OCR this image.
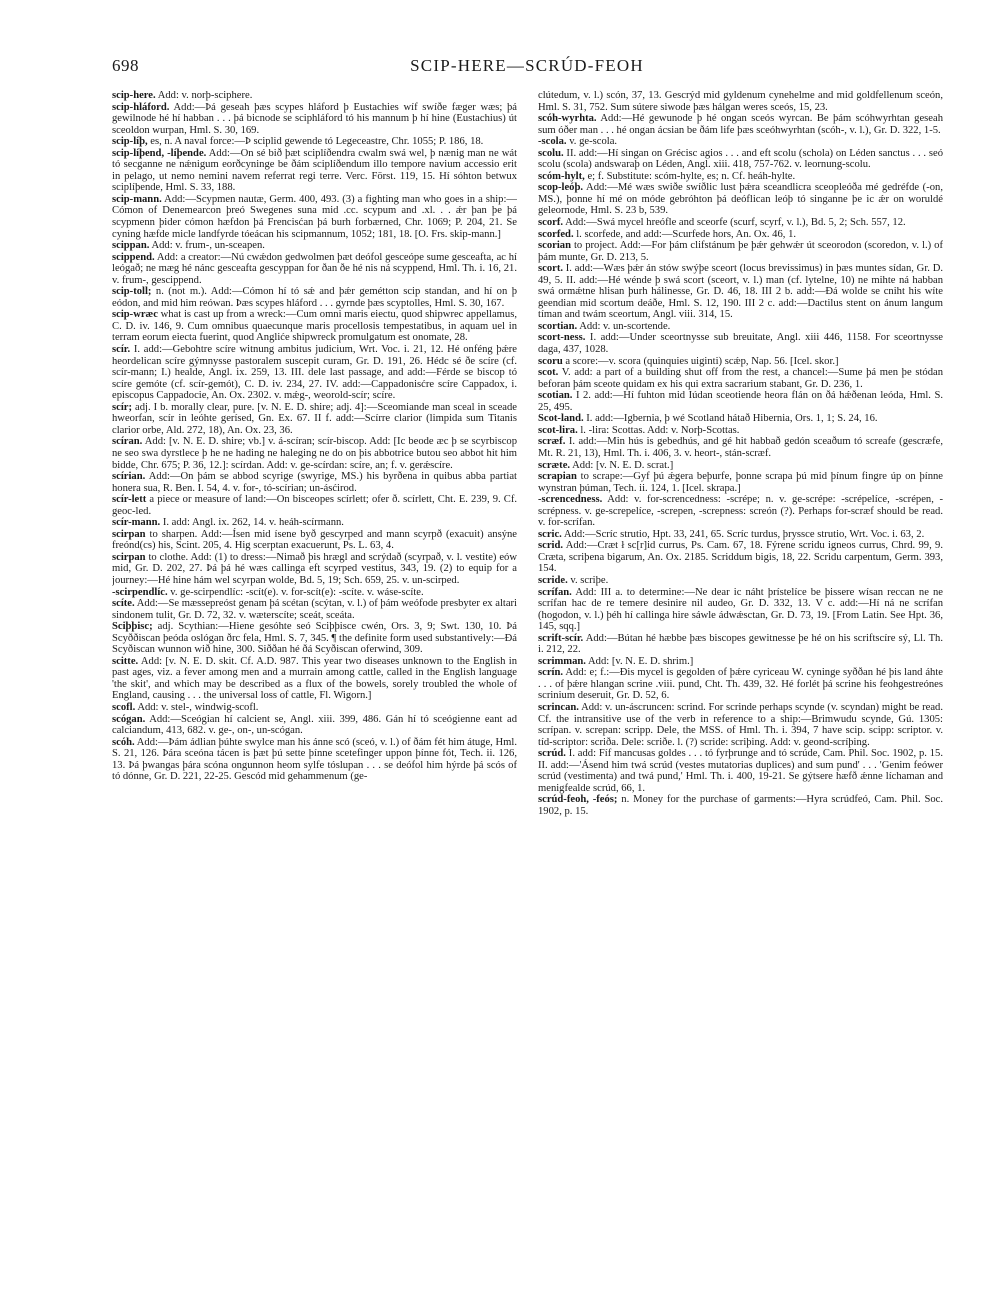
698	SCIP-HERE—SCRÚD-FEOH

scip-here. Add: v. norþ-sciphere.

scip-hláford. Add:—Þá geseah þæs scypes hláford þ Eustachies wíf swíðe fæger wæs; þá gewilnode hé hí habban . . . þá bicnode se sciphláford tó his mannum þ hí hine (Eustachius) út sceoldon wurpan, Hml. S. 30, 169.

scip-líþ, es, n. A naval force:—Þ sciplid gewende tó Legeceastre, Chr. 1055; P. 186, 18.

scip-líþend, -líþende. Add:—On sé bið þæt sciplíðendra cwalm swá wel, þ nænig man ne wát tó secganne ne nǽnigum eorðcyninge be ðám sciplíðendum illo tempore navium accessio erit in pelago, ut nemo nemini navem referrat regi terre. Verc. Först. 119, 15. Hí sóhton betwux sciplíþende, Hml. S. 33, 188.

scip-mann. Add:—Scypmen nautæ, Germ. 400, 493. (3) a fighting man who goes in a ship:—Cómon of Denemearcon þreó Swegenes suna mid .cc. scypum and .xl. . . ǽr þan þe þá scypmenn þider cómon hæfdon þá Frencisćan þá burh forbærned, Chr. 1069; P. 204, 21. Se cyning hæfde micle landfyrde tóeácan his scipmannum, 1052; 181, 18. [O. Frs. skip-mann.]

scippan. Add: v. frum-, un-sceapen.

scippend. Add: a creator:—Nú cwǽdon gedwolmen þæt deófol gesceópe sume gesceafta, ac hí leógað; ne mæg hé nánc gesceafta gescyppan for ðan ðe hé nis ná scyppend, Hml. Th. i. 16, 21. v. frum-, gescippend.

scip-toll; n. (not m.). Add:—Cómon hí tó sǽ and þǽr gemétton scip standan, and hí on þ eódon, and mid him reówan. Þæs scypes hláford . . . gyrnde þæs scyptolles, Hml. S. 30, 167.

scip-wræc what is cast up from a wreck:—Cum omni maris eiectu, quod shipwrec appellamus, C. D. iv. 146, 9. Cum omnibus quaecunque maris procellosis tempestatibus, in aquam uel in terram eorum eiecta fuerint, quod Angliće shipwreck promulgatum est onomate, 28.

scír. I. add:—Gebohtre scíre witnung ambitus judicium, Wrt. Voc. i. 21, 12. Hé onféng þǽre heordelican scíre gýmnysse pastoralem suscepit curam, Gr. D. 191, 26. Hédc sé ðe scíre (cf. scír-mann; I.) healde, Angl. ix. 259, 13. III. dele last passage, and add:—Férde se biscop tó scíre gemóte (cf. scír-gemót), C. D. iv. 234, 27. IV. add:—Cappadonisćre scíre Cappadox, i. episcopus Cappadocie, An. Ox. 2302. v. mǽg-, weorold-scír; scíre.

scír; adj. I b. morally clear, pure. [v. N. E. D. shire; adj. 4]:—Sceomiande man sceal in sceade hweorfan, scír in leóhte gerísed, Gn. Ex. 67. II f. add:—Scírre clarior (limpida sum Titanis clarior orbe, Ald. 272, 18), An. Ox. 23, 36.

scíran. Add: [v. N. E. D. shire; vb.] v. á-scíran; scír-biscop. Add: [Ic beode æc þ se scyrbiscop ne seo swa dyrstlece þ he ne hading ne haleging ne do on þis abbotrice butou seo abbot hit him bidde, Chr. 675; P. 36, 12.]: scírdan. Add: v. ge-scírdan: scíre, an; f. v. gerǽscíre.

scírian. Add:—On þám se abbod scyrige (swyrige, MS.) his byrðena in quibus abba partiat honera sua, R. Ben. I. 54, 4. v. for-, tó-scírian; un-ásćirod.

scír-lett a piece or measure of land:—On bisceopes scírlett; ofer ð. scírlett, Cht. E. 239, 9. Cf. geoc-led.

scír-mann. I. add: Angl. ix. 262, 14. v. heáh-scírmann.

scirpan to sharpen. Add:—Ísen mid ísene byð gescyrped and mann scyrpð (exacuit) ansýne freónd(cs) his, Scint. 205, 4. Hig scerptan exacuerunt, Ps. L. 63, 4.

scirpan to clothe. Add: (1) to dress:—Nimað þis hrægl and scrýdað (scyrpað, v. l. vestite) eów mid, Gr. D. 202, 27. Þá þá hé wæs callinga eft scyrped vestitus, 343, 19. (2) to equip for a journey:—Hé hine hám wel scyrpan wolde, Bd. 5, 19; Sch. 659, 25. v. un-scirped.

-scirpendlíc. v. ge-scirpendlíc: -scít(e). v. for-scít(e): -scíte. v. wáse-scíte.

scíte. Add:—Se mæssepreóst genam þá scétan (scýtan, v. l.) of þám weófode presbyter ex altari sindonem tulit, Gr. D. 72, 32. v. wæterscíte; sceát, sceáta.

Sciþþisc; adj. Scythian:—Hiene gesóhte seó Sciþþisce cwén, Ors. 3, 9; Swt. 130, 10. Þá Scyððiscan þeóda oslógan ðrc fela, Hml. S. 7, 345. ¶ the definite form used substantively:—Ðá Scyðiscan wunnon wið hine, 300. Siððan hé ðá Scyðiscan oferwind, 309.

scitte. Add: [v. N. E. D. skit. Cf. A.D. 987. This year two diseases unknown to the English in past ages, viz. a fever among men and a murrain among cattle, called in the English language 'the skit', and which may be described as a flux of the bowels, sorely troubled the whole of England, causing . . . the universal loss of cattle, Fl. Wigorn.]

scofl. Add: v. stel-, windwig-scofl.

scógan. Add:—Sceógian hí calcient se, Angl. xiii. 399, 486. Gán hí tó sceógienne eant ad calciandum, 413, 682. v. ge-, on-, un-scógan.

scóh. Add:—Þám ádlian þúhte swylce man his ánne scó (sceó, v. l.) of ðám fét him átuge, Hml. S. 21, 126. Þára sceóna tácen is þæt þú sette þínne scetefinger uppon þínne fót, Tech. ii. 126, 13. Þá þwangas þára scóna ongunnon heom sylfe tóslupan . . . se deófol him hýrde þá scós of tó dónne, Gr. D. 221, 22-25. Gescód mid gehammenum (ge-

clútedum, v. l.) scón, 37, 13. Gescrýd mid gyldenum cynehelme and mid goldfellenum sceón, Hml. S. 31, 752. Sum sútere siwode þæs hálgan weres sceós, 15, 23.

scóh-wyrhta. Add:—Hé gewunode þ hé ongan sceós wyrcan. Be þám scóhwyrhtan geseah sum óðer man . . . hé ongan ácsian be ðám life þæs sceóhwyrhtan (scóh-, v. l.), Gr. D. 322, 1-5.

-scola. v. ge-scola.

scolu. II. add:—Hí singan on Grécisc agios . . . and eft scolu (schola) on Léden sanctus . . . seó scolu (scola) andswaraþ on Léden, Angl. xiii. 418, 757-762. v. leornung-scolu.

scóm-hylt, e; f. Substitute: scóm-hylte, es; n. Cf. heáh-hylte.

scop-leóþ. Add:—Mé wæs swiðe swíðlic lust þǽra sceandlicra sceopleóða mé gedréfde (-on, MS.), þonne hí mé on móde gebróhton þá deóflican leóþ tó singanne þe ic ǽr on woruldé geleornode, Hml. S. 23 b, 539.

scorf. Add:—Swá mycel hreófle and sceorfe (scurf, scyrf, v. l.), Bd. 5, 2; Sch. 557, 12.

scorfed. l. scorfede, and add:—Scurfede hors, An. Ox. 46, 1.

scorian to project. Add:—For þám clifstánum þe þǽr gehwǽr út sceorodon (scoredon, v. l.) of þám munte, Gr. D. 213, 5.

scort. I. add:—Wæs þǽr án stów swýþe sceort (locus brevissimus) in þæs muntes sídan, Gr. D. 49, 5. II. add:—Hé wénde þ swá scort (sceort, v. l.) man (cf. lytelne, 10) ne mihte ná habban swá ormǽtne hlisan þurh hálinesse, Gr. D. 46, 18. III 2 b. add:—Ðá wolde se cniht his wíte geendian mid scortum deáðe, Hml. S. 12, 190. III 2 c. add:—Dactilus stent on ánum langum tíman and twám sceortum, Angl. viii. 314, 15.

scortian. Add: v. un-scortende.

scort-ness. I. add:—Under sceortnysse sub breuitate, Angl. xiii 446, 1158. For sceortnysse daga, 437, 1028.

scoru a score:—v. scora (quinquies uiginti) scǽp, Nap. 56. [Icel. skor.]

scot. V. add: a part of a building shut off from the rest, a chancel:—Sume þá men þe stódan beforan þám sceote quidam ex his qui extra sacrarium stabant, Gr. D. 236, 1.

scotian. I 2. add:—Hí fuhton mid Iúdan sceotiende heora flán on ðá hǽðenan leóda, Hml. S. 25, 495.

Scot-land. I. add:—Igbernia, þ wé Scotland hátað Hibernia, Ors. 1, 1; S. 24, 16.

scot-lira. l. -lira: Scottas. Add: v. Norþ-Scottas.

scræf. I. add:—Min hús is gebedhús, and gé hit habbað gedón sceaðum tó screafe (gescræfe, Mt. R. 21, 13), Hml. Th. i. 406, 3. v. heort-, stán-scræf.

scræte. Add: [v. N. E. D. scrat.]

scrapian to scrape:—Gyf þú ǽgera beþurfe, þonne scrapa þú mid þínum fingre úp on þínne wynstran þúman, Tech. ii. 124, 1. [Icel. skrapa.]

-screncedness. Add: v. for-screncedness: -scrépe; n. v. ge-scrépe: -scrépelíce, -scrépen, -scrépness. v. ge-screpelíce, -screpen, -screpness: screón (?). Perhaps for-scræf should be read. v. for-scrífan.

scric. Add:—Scríc strutio, Hpt. 33, 241, 65. Scríc turdus, þryssce strutio, Wrt. Voc. i. 63, 2.

scrid. Add:—Cræt ł sc[r]id currus, Ps. Cam. 67, 18. Fýrene scridu igneos currus, Chrd. 99, 9. Cræta, scriþena bigarum, An. Ox. 2185. Scriddum bigis, 18, 22. Scridu carpentum, Germ. 393, 154.

scride. v. scriþe.

scrífan. Add: III a. to determine:—Ne dear ic náht þrístelíce be þissere wísan reccan ne ne scrífan hac de re temere desinire nil audeo, Gr. D. 332, 13. V c. add:—Hí ná ne scrífan (hogodon, v. l.) þéh hí callinga hire sáwle ádwǽsctan, Gr. D. 73, 19. [From Latin. See Hpt. 36, 145, sqq.]

scrift-scír. Add:—Bútan hé hæbbe þæs biscopes gewitnesse þe hé on his scriftscíre sý, Ll. Th. i. 212, 22.

scrimman. Add: [v. N. E. D. shrim.]

scrín. Add: e; f.:—Ðis mycel is gegolden of þǽre cyriceau W. cyninge syððan hé þis land áhte . . . of þǽre hlangan scrine .viii. pund, Cht. Th. 439, 32. Hé forlét þá scrine his feohgestreónes scrinium deseruit, Gr. D. 52, 6.

scrincan. Add: v. un-áscruncen: scrind. For scrinde perhaps scynde (v. scyndan) might be read. Cf. the intransitive use of the verb in reference to a ship:—Brimwudu scynde, Gú. 1305: scrípan. v. screpan: scripp. Dele, the MSS. of Hml. Th. i. 394, 7 have scip. scipp: scriptor. v. tíd-scriptor: scriða. Dele: scriðe. l. (?) scride: scriþing. Add: v. geond-scríþing.

scrúd. I. add: Fíf mancusas goldes . . . tó fyrþrunge and tó scrúde, Cam. Phil. Soc. 1902, p. 15. II. add:—'Ásend him twá scrúd (vestes mutatorias duplices) and sum pund' . . . 'Genim feówer scrúd (vestimenta) and twá pund,' Hml. Th. i. 400, 19-21. Se gýtsere hæfð ǽnne líchaman and menigfealde scrúd, 66, 1.

scrúd-feoh, -feós; n. Money for the purchase of garments:—Hyra scrúdfeó, Cam. Phil. Soc. 1902, p. 15.
